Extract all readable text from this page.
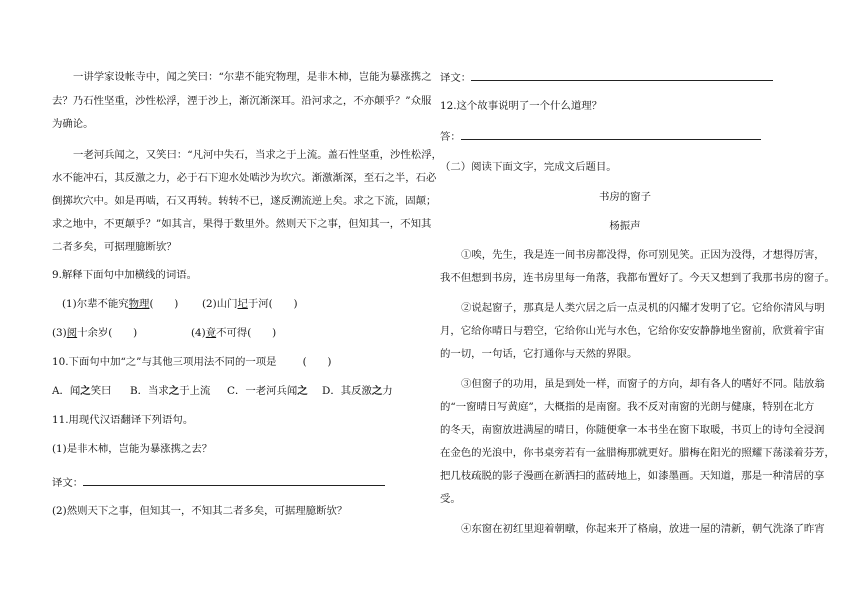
一讲学家设帐寺中，闻之笑曰：“尔辈不能究物理，是非木柿，岂能为暴涨携之
去？乃石性坚重，沙性松浮，湮于沙上，渐沉渐深耳。沿河求之，不亦颠乎？”众服
为确论。
一老河兵闻之，又笑曰：“凡河中失石，当求之于上流。盖石性坚重，沙性松浮，
水不能冲石，其反激之力，必于石下迎水处啮沙为坎穴。渐激渐深，至石之半，石必
倒掷坎穴中。如是再啮，石又再转。转转不已，遂反溯流逆上矣。求之下流，固颠；
求之地中，不更颠乎？”如其言，果得于数里外。然则天下之事，但知其一，不知其
二者多矣，可据理臆断欤？
9.解释下面句中加横线的词语。
(1)尔辈不能究物理(　　) (2)山门圮于河(　　)
(3)阅十余岁(　　)	(4)竟不可得(　　)
10.下面句中加“之”与其他三项用法不同的一项是	(　　)
A．闻之笑曰 B．当求之于上流 C．一老河兵闻之 D．其反激之力
11.用现代汉语翻译下列语句。
(1)是非木柿，岂能为暴涨携之去？
译文：
(2)然则天下之事，但知其一，不知其二者多矣，可据理臆断欤？
译文：
12.这个故事说明了一个什么道理？
答：
（二）阅读下面文字，完成文后题目。
书房的窗子
杨振声
①唉，先生，我是连一间书房都没得，你可别见笑。正因为没得，才想得厉害，
我不但想到书房，连书房里每一角落，我都布置好了。今天又想到了我那书房的窗子。
②说起窗子，那真是人类穴居之后一点灵机的闪耀才发明了它。它给你清风与明
月，它给你晴日与碧空，它给你山光与水色，它给你安安静静地坐窗前，欣赏着宇宙
的一切，一句话，它打通你与天然的界限。
③但窗子的功用，虽是到处一样，而窗子的方向，却有各人的嗜好不同。陆放翁
的“一窗晴日写黄庭”，大概指的是南窗。我不反对南窗的光朗与健康，特别在北方
的冬天，南窗放进满屋的晴日，你随便拿一本书坐在窗下取暖，书页上的诗句全浸润
在金色的光浪中，你书桌旁若有一盆腊梅那就更好。腊梅在阳光的照耀下荡漾着芬芳，
把几枝疏脱的影子漫画在新洒扫的蓝砖地上，如漆墨画。天知道，那是一种清居的享
受。
④东窗在初红里迎着朝暾，你起来开了格扇，放进一屋的清新，朝气洗涤了昨宵
